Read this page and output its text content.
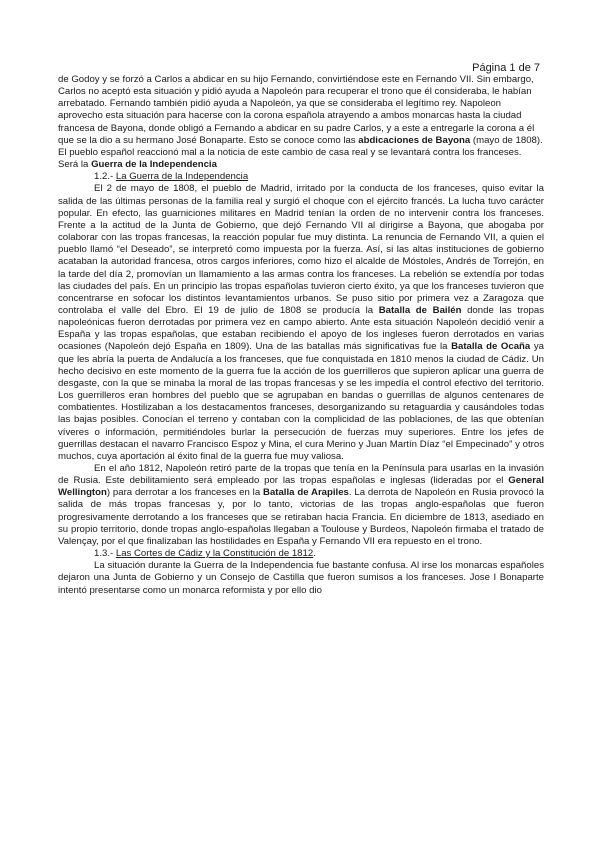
Página 1 de 7

de Godoy y se forzó a Carlos a abdicar en su hijo Fernando, convirtiéndose este en Fernando VII. Sin embargo, Carlos no aceptó esta situación y pidió ayuda a Napoleón para recuperar el trono que él consideraba, le habían arrebatado. Fernando también pidió ayuda a Napoleón, ya que se consideraba el legítimo rey. Napoleon aprovecho esta situación para hacerse con la corona española atrayendo a ambos monarcas hasta la ciudad francesa de Bayona, donde obligó a Fernando a abdicar en su padre Carlos, y a este a entregarle la corona a él que se la dio a su hermano José Bonaparte. Esto se conoce como las abdicaciones de Bayona (mayo de 1808). El pueblo español reaccionó mal a la noticia de este cambio de casa real y se levantará contra los franceses. Será la Guerra de la Independencia

1.2.- La Guerra de la Independencia

El 2 de mayo de 1808, el pueblo de Madrid, irritado por la conducta de los franceses, quiso evitar la salida de las últimas personas de la familia real y surgió el choque con el ejército francés. La lucha tuvo carácter popular. En efecto, las guarniciones militares en Madrid tenían la orden de no intervenir contra los franceses. Frente a la actitud de la Junta de Gobierno, que dejó Fernando VII al dirigirse a Bayona, que abogaba por colaborar con las tropas francesas, la reacción popular fue muy distinta. La renuncia de Fernando VII, a quien el pueblo llamó “el Deseado”, se interpretó como impuesta por la fuerza. Así, si las altas instituciones de gobierno acataban la autoridad francesa, otros cargos inferiores, como hizo el alcalde de Móstoles, Andrés de Torrejón, en la tarde del día 2, promovían un llamamiento a las armas contra los franceses. La rebelión se extendía por todas las ciudades del país. En un principio las tropas españolas tuvieron cierto éxito, ya que los franceses tuvieron que concentrarse en sofocar los distintos levantamientos urbanos. Se puso sitio por primera vez a Zaragoza que controlaba el valle del Ebro. El 19 de julio de 1808 se producía la Batalla de Bailén donde las tropas napoleónicas fueron derrotadas por primera vez en campo abierto. Ante esta situación Napoleón decidió venir a España y las tropas españolas, que estaban recibiendo el apoyo de los ingleses fueron derrotados en varias ocasiones (Napoleón dejó España en 1809). Una de las batallas más significativas fue la Batalla de Ocaña ya que les abría la puerta de Andalucía a los franceses, que fue conquistada en 1810 menos la ciudad de Cádiz. Un hecho decisivo en este momento de la guerra fue la acción de los guerrilleros que supieron aplicar una guerra de desgaste, con la que se minaba la moral de las tropas francesas y se les impedía el control efectivo del territorio. Los guerrilleros eran hombres del pueblo que se agrupaban en bandas o guerrillas de algunos centenares de combatientes. Hostilizaban a los destacamentos franceses, desorganizando su retaguardia y causándoles todas las bajas posibles. Conocían el terreno y contaban con la complicidad de las poblaciones, de las que obtenían víveres o información, permitiéndoles burlar la persecución de fuerzas muy superiores. Entre los jefes de guerrillas destacan el navarro Francisco Espoz y Mina, el cura Merino y Juan Martín Díaz “el Empecinado” y otros muchos, cuya aportación al éxito final de la guerra fue muy valiosa.

En el año 1812, Napoleón retiró parte de la tropas que tenía en la Península para usarlas en la invasión de Rusia. Este debilitamiento será empleado por las tropas españolas e inglesas (lideradas por el General Wellington) para derrotar a los franceses en la Batalla de Arapiles. La derrota de Napoleón en Rusia provocó la salida de más tropas francesas y, por lo tanto, victorias de las tropas anglo-españolas que fueron progresivamente derrotando a los franceses que se retiraban hacia Francia. En diciembre de 1813, asediado en su propio territorio, donde tropas anglo-españolas llegaban a Toulouse y Burdeos, Napoleón firmaba el tratado de Valençay, por el que finalizaban las hostilidades en España y Fernando VII era repuesto en el trono.

1.3.- Las Cortes de Cádiz y la Constitución de 1812.

La situación durante la Guerra de la Independencia fue bastante confusa. Al irse los monarcas españoles dejaron una Junta de Gobierno y un Consejo de Castilla que fueron sumisos a los franceses. Jose I Bonaparte intentó presentarse como un monarca reformista y por ello dio
